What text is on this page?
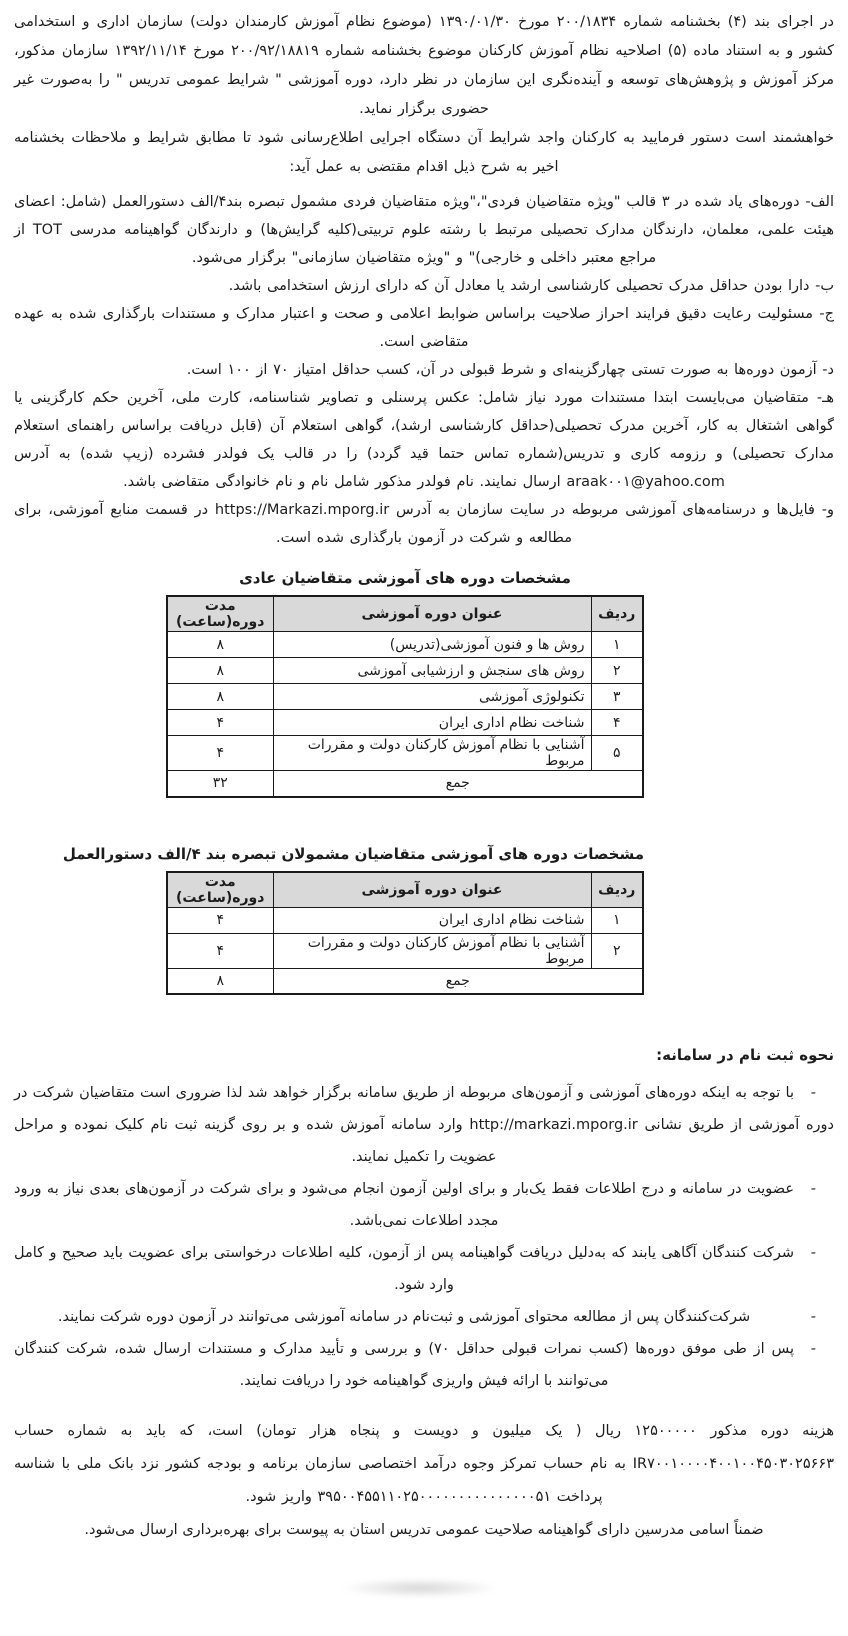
در اجرای بند (۴) بخشنامه شماره ۲۰۰/۱۸۳۴ مورخ ۱۳۹۰/۰۱/۳۰ (موضوع نظام آموزش کارمندان دولت) سازمان اداری و استخدامی کشور و به استناد ماده (۵) اصلاحیه نظام آموزش کارکنان موضوع بخشنامه شماره ۲۰۰/۹۲/۱۸۸۱۹ مورخ ۱۳۹۲/۱۱/۱۴ سازمان مذکور، مرکز آموزش و پژوهش‌های توسعه و آینده‌نگری این سازمان در نظر دارد، دوره آموزشی " شرایط عمومی تدریس " را به‌صورت غیر حضوری برگزار نماید.

خواهشمند است دستور فرمایید به کارکنان واجد شرایط آن دستگاه اجرایی اطلاع‌رسانی شود تا مطابق شرایط و ملاحظات بخشنامه اخیر به شرح ذیل اقدام مقتضی به عمل آید:

الف- دوره‌های یاد شده در ۳ قالب "ویژه متقاضیان فردی"،"ویژه متقاضیان فردی مشمول تبصره بند۴/الف دستورالعمل (شامل: اعضای هیئت علمی، معلمان، دارندگان مدارک تحصیلی مرتبط با رشته علوم تربیتی(کلیه گرایش‌ها) و دارندگان گواهینامه مدرسی TOT از مراجع معتبر داخلی و خارجی)" و "ویژه متقاضیان سازمانی" برگزار می‌شود.

ب- دارا بودن حداقل مدرک تحصیلی کارشناسی ارشد یا معادل آن که دارای ارزش استخدامی باشد.

ج- مسئولیت رعایت دقیق فرایند احراز صلاحیت براساس ضوابط اعلامی و صحت و اعتبار مدارک و مستندات بارگذاری شده به عهده متقاضی است.

د- آزمون دوره‌ها به صورت تستی چهارگزینه‌ای و شرط قبولی در آن، کسب حداقل امتیاز ۷۰ از ۱۰۰ است.

هـ- متقاضیان می‌بایست ابتدا مستندات مورد نیاز شامل: عکس پرسنلی و تصاویر شناسنامه، کارت ملی، آخرین حکم کارگزینی یا گواهی اشتغال به کار، آخرین مدرک تحصیلی(حداقل کارشناسی ارشد)، گواهی استعلام آن (قابل دریافت براساس راهنمای استعلام مدارک تحصیلی) و رزومه کاری و تدریس(شماره تماس حتما قید گردد) را در قالب یک فولدر فشرده (زیپ شده) به آدرس araak۰۰۱@yahoo.com ارسال نمایند. نام فولدر مذکور شامل نام و نام خانوادگی متقاضی باشد.

و- فایل‌ها و درسنامه‌های آموزشی مربوطه در سایت سازمان به آدرس https://Markazi.mporg.ir در قسمت منابع آموزشی، برای مطالعه و شرکت در آزمون بارگذاری شده است.

مشخصات دوره های آموزشی متقاضیان عادی
ردیف	عنوان دوره آموزشی	مدت دوره(ساعت)
۱	روش ها و فنون آموزشی(تدریس)	۸
۲	روش های سنجش و ارزشیابی آموزشی	۸
۳	تکنولوژی آموزشی	۸
۴	شناخت نظام اداری ایران	۴
۵	آشنایی با نظام آموزش کارکنان دولت و مقررات مربوط	۴
جمع		۳۲
مشخصات دوره های آموزشی متقاضیان مشمولان تبصره بند ۴/الف دستورالعمل
ردیف	عنوان دوره آموزشی	مدت دوره(ساعت)
۱	شناخت نظام اداری ایران	۴
۲	آشنایی با نظام آموزش کارکنان دولت و مقررات مربوط	۴
جمع		۸
نحوه ثبت نام در سامانه:
- با توجه به اینکه دوره‌های آموزشی و آزمون‌های مربوطه از طریق سامانه برگزار خواهد شد لذا ضروری است متقاضیان شرکت در دوره آموزشی از طریق نشانی http://markazi.mporg.ir وارد سامانه آموزش شده و بر روی گزینه ثبت نام کلیک نموده و مراحل عضویت را تکمیل نمایند.
- عضویت در سامانه و درج اطلاعات فقط یک‌بار و برای اولین آزمون انجام می‌شود و برای شرکت در آزمون‌های بعدی نیاز به ورود مجدد اطلاعات نمی‌باشد.
- شرکت کنندگان آگاهی یابند که به‌دلیل دریافت گواهینامه پس از آزمون، کلیه اطلاعات درخواستی برای عضویت باید صحیح و کامل وارد شود.
- شرکت‌کنندگان پس از مطالعه محتوای آموزشی و ثبت‌نام در سامانه آموزشی می‌توانند در آزمون دوره شرکت نمایند.
- پس از طی موفق دوره‌ها (کسب نمرات قبولی حداقل ۷۰) و بررسی و تأیید مدارک و مستندات ارسال شده، شرکت کنندگان می‌توانند با ارائه فیش واریزی گواهینامه خود را دریافت نمایند.

هزینه دوره مذکور ۱۲۵۰۰۰۰۰ ریال ( یک میلیون و دویست و پنجاه هزار تومان) است، که باید به شماره حساب IR۷۰۰۱۰۰۰۰۴۰۰۱۰۰۴۵۰۳۰۲۵۶۶۳ به نام حساب تمرکز وجوه درآمد اختصاصی سازمان برنامه و بودجه کشور نزد بانک ملی با شناسه پرداخت ۳۹۵۰۰۴۵۵۱۱۰۲۵۰۰۰۰۰۰۰۰۰۰۰۰۰۰۰۵۱ واریز شود.

ضمناً اسامی مدرسین دارای گواهینامه صلاحیت عمومی تدریس استان به پیوست برای بهره‌برداری ارسال می‌شود.
